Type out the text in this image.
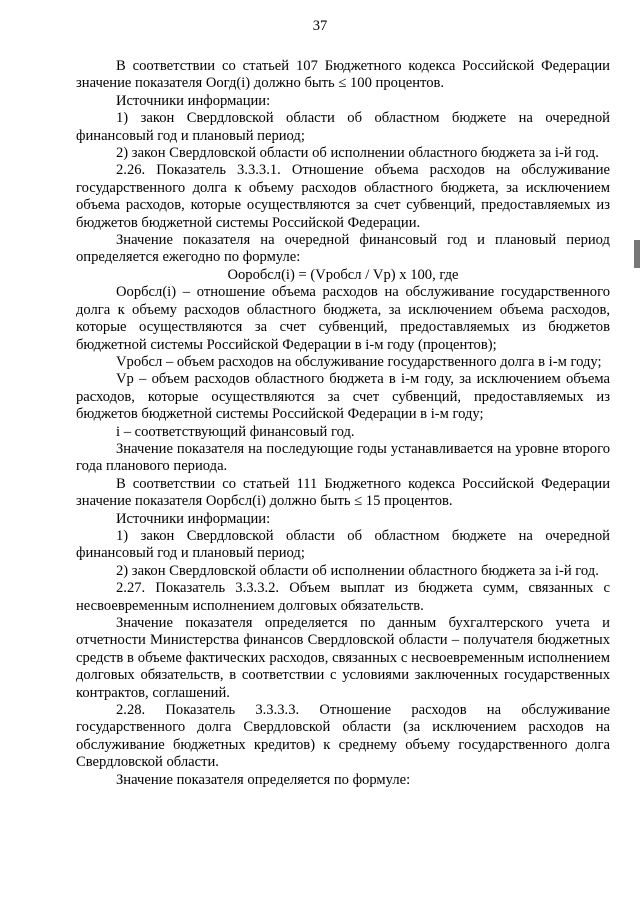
37

В соответствии со статьей 107 Бюджетного кодекса Российской Федерации значение показателя Оогд(i) должно быть ≤ 100 процентов.

Источники информации:

1) закон Свердловской области об областном бюджете на очередной финансовый год и плановый период;

2) закон Свердловской области об исполнении областного бюджета за i-й год.

2.26. Показатель 3.3.3.1. Отношение объема расходов на обслуживание государственного долга к объему расходов областного бюджета, за исключением объема расходов, которые осуществляются за счет субвенций, предоставляемых из бюджетов бюджетной системы Российской Федерации.

Значение показателя на очередной финансовый год и плановый период определяется ежегодно по формуле:

Ооробсл(i) = (Vробсл / Vр) x 100, где

Оорбсл(i) – отношение объема расходов на обслуживание государственного долга к объему расходов областного бюджета, за исключением объема расходов, которые осуществляются за счет субвенций, предоставляемых из бюджетов бюджетной системы Российской Федерации в i-м году (процентов);

Vробсл – объем расходов на обслуживание государственного долга в i-м году;

Vр – объем расходов областного бюджета в i-м году, за исключением объема расходов, которые осуществляются за счет субвенций, предоставляемых из бюджетов бюджетной системы Российской Федерации в i-м году;

i – соответствующий финансовый год.

Значение показателя на последующие годы устанавливается на уровне второго года планового периода.

В соответствии со статьей 111 Бюджетного кодекса Российской Федерации значение показателя Оорбсл(i) должно быть ≤ 15 процентов.

Источники информации:

1) закон Свердловской области об областном бюджете на очередной финансовый год и плановый период;

2) закон Свердловской области об исполнении областного бюджета за i-й год.

2.27. Показатель 3.3.3.2. Объем выплат из бюджета сумм, связанных с несвоевременным исполнением долговых обязательств.

Значение показателя определяется по данным бухгалтерского учета и отчетности Министерства финансов Свердловской области – получателя бюджетных средств в объеме фактических расходов, связанных с несвоевременным исполнением долговых обязательств, в соответствии с условиями заключенных государственных контрактов, соглашений.

2.28. Показатель 3.3.3.3. Отношение расходов на обслуживание государственного долга Свердловской области (за исключением расходов на обслуживание бюджетных кредитов) к среднему объему государственного долга Свердловской области.

Значение показателя определяется по формуле:
